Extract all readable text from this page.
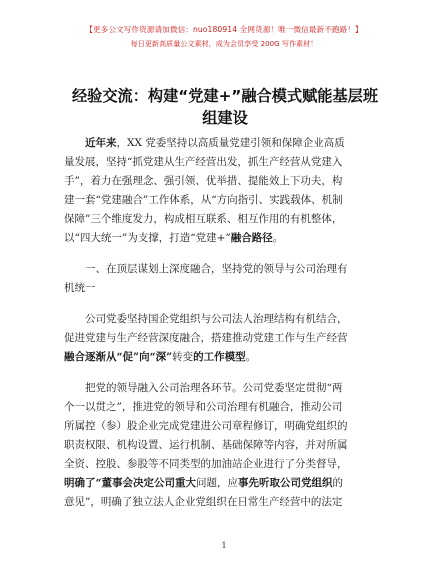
【更多公文写作资源请加微信：nuo180914 全网货源！唯一微信最新不跑路！】
每日更新高质量公文素材，成为会员享受 200G 写作素材！
经验交流：构建“党建+”融合模式赋能基层班
组建设
近年来，XX 党委坚持以高质量党建引领和保障企业高质
量发展，坚持“抓党建从生产经营出发，抓生产经营从党建入
手”，着力在强理念、强引领、优举措、提能效上下功夫，构
建一套“党建融合”工作体系，从“方向指引、实践载体、机制
保障”三个维度发力，构成相互联系、相互作用的有机整体，
以“四大统一”为支撑，打造“党建+”融合路径。
一、在顶层谋划上深度融合，坚持党的领导与公司治理有
机统一
公司党委坚持国企党组织与公司法人治理结构有机结合，
促进党建与生产经营深度融合，搭建推动党建工作与生产经营
融合逐渐从“促”向“深”转变的工作模型。
把党的领导融入公司治理各环节。公司党委坚定贯彻“两
个一以贯之”，推进党的领导和公司治理有机融合，推动公司
所属控（参）股企业完成党建进公司章程修订，明确党组织的
职责权限、机构设置、运行机制、基础保障等内容，并对所属
全资、控股、参股等不同类型的加油站企业进行了分类督导，
明确了“董事会决定公司重大问题，应事先听取公司党组织的
意见”，明确了独立法人企业党组织在日常生产经营中的法定
1
